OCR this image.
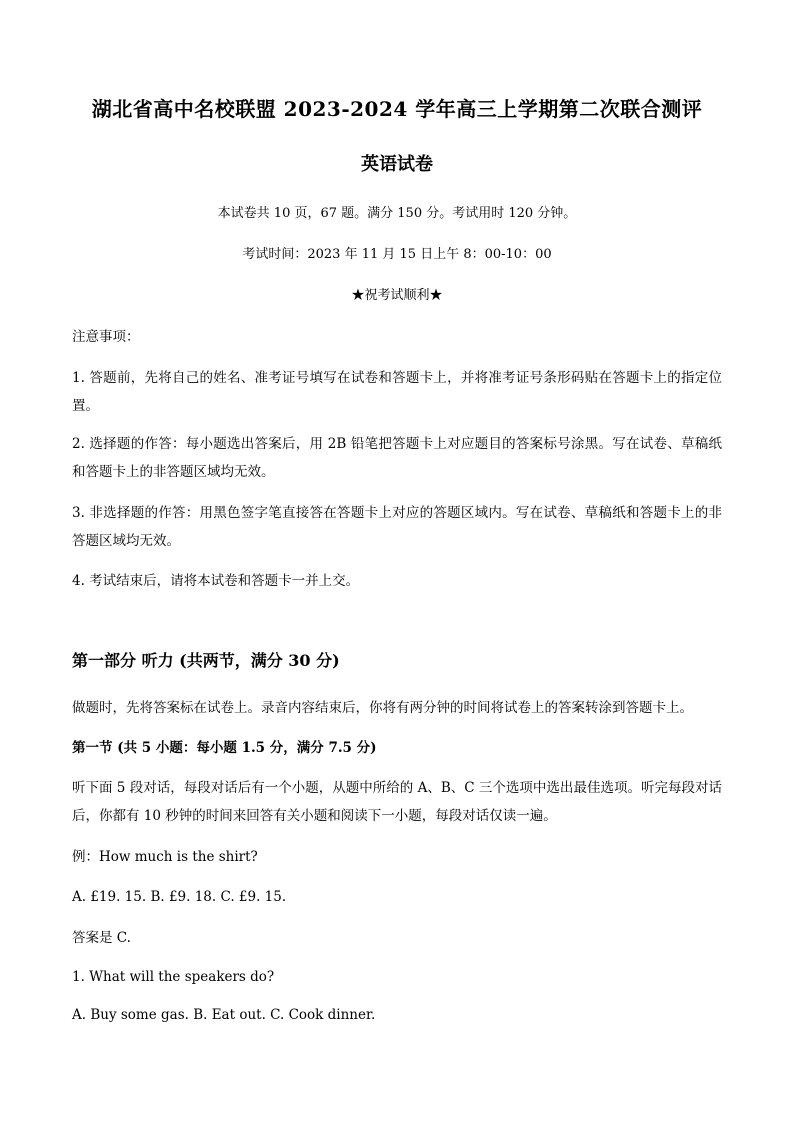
湖北省高中名校联盟 2023-2024 学年高三上学期第二次联合测评
英语试卷
本试卷共 10 页，67 题。满分 150 分。考试用时 120 分钟。
考试时间：2023 年 11 月 15 日上午 8：00-10：00
★祝考试顺利★
注意事项：
1. 答题前，先将自己的姓名、准考证号填写在试卷和答题卡上，并将准考证号条形码贴在答题卡上的指定位置。
2. 选择题的作答：每小题选出答案后，用 2B 铅笔把答题卡上对应题目的答案标号涂黑。写在试卷、草稿纸和答题卡上的非答题区域均无效。
3. 非选择题的作答：用黑色签字笔直接答在答题卡上对应的答题区域内。写在试卷、草稿纸和答题卡上的非答题区域均无效。
4. 考试结束后，请将本试卷和答题卡一并上交。
第一部分 听力 (共两节，满分 30 分)
做题时，先将答案标在试卷上。录音内容结束后，你将有两分钟的时间将试卷上的答案转涂到答题卡上。
第一节 (共 5 小题：每小题 1.5 分，满分 7.5 分)
听下面 5 段对话，每段对话后有一个小题，从题中所给的 A、B、C 三个选项中选出最佳选项。听完每段对话后，你都有 10 秒钟的时间来回答有关小题和阅读下一小题，每段对话仅读一遍。
例：How much is the shirt?
A. £19. 15. B. £9. 18. C. £9. 15.
答案是 C.
1. What will the speakers do?
A. Buy some gas. B. Eat out. C. Cook dinner.
